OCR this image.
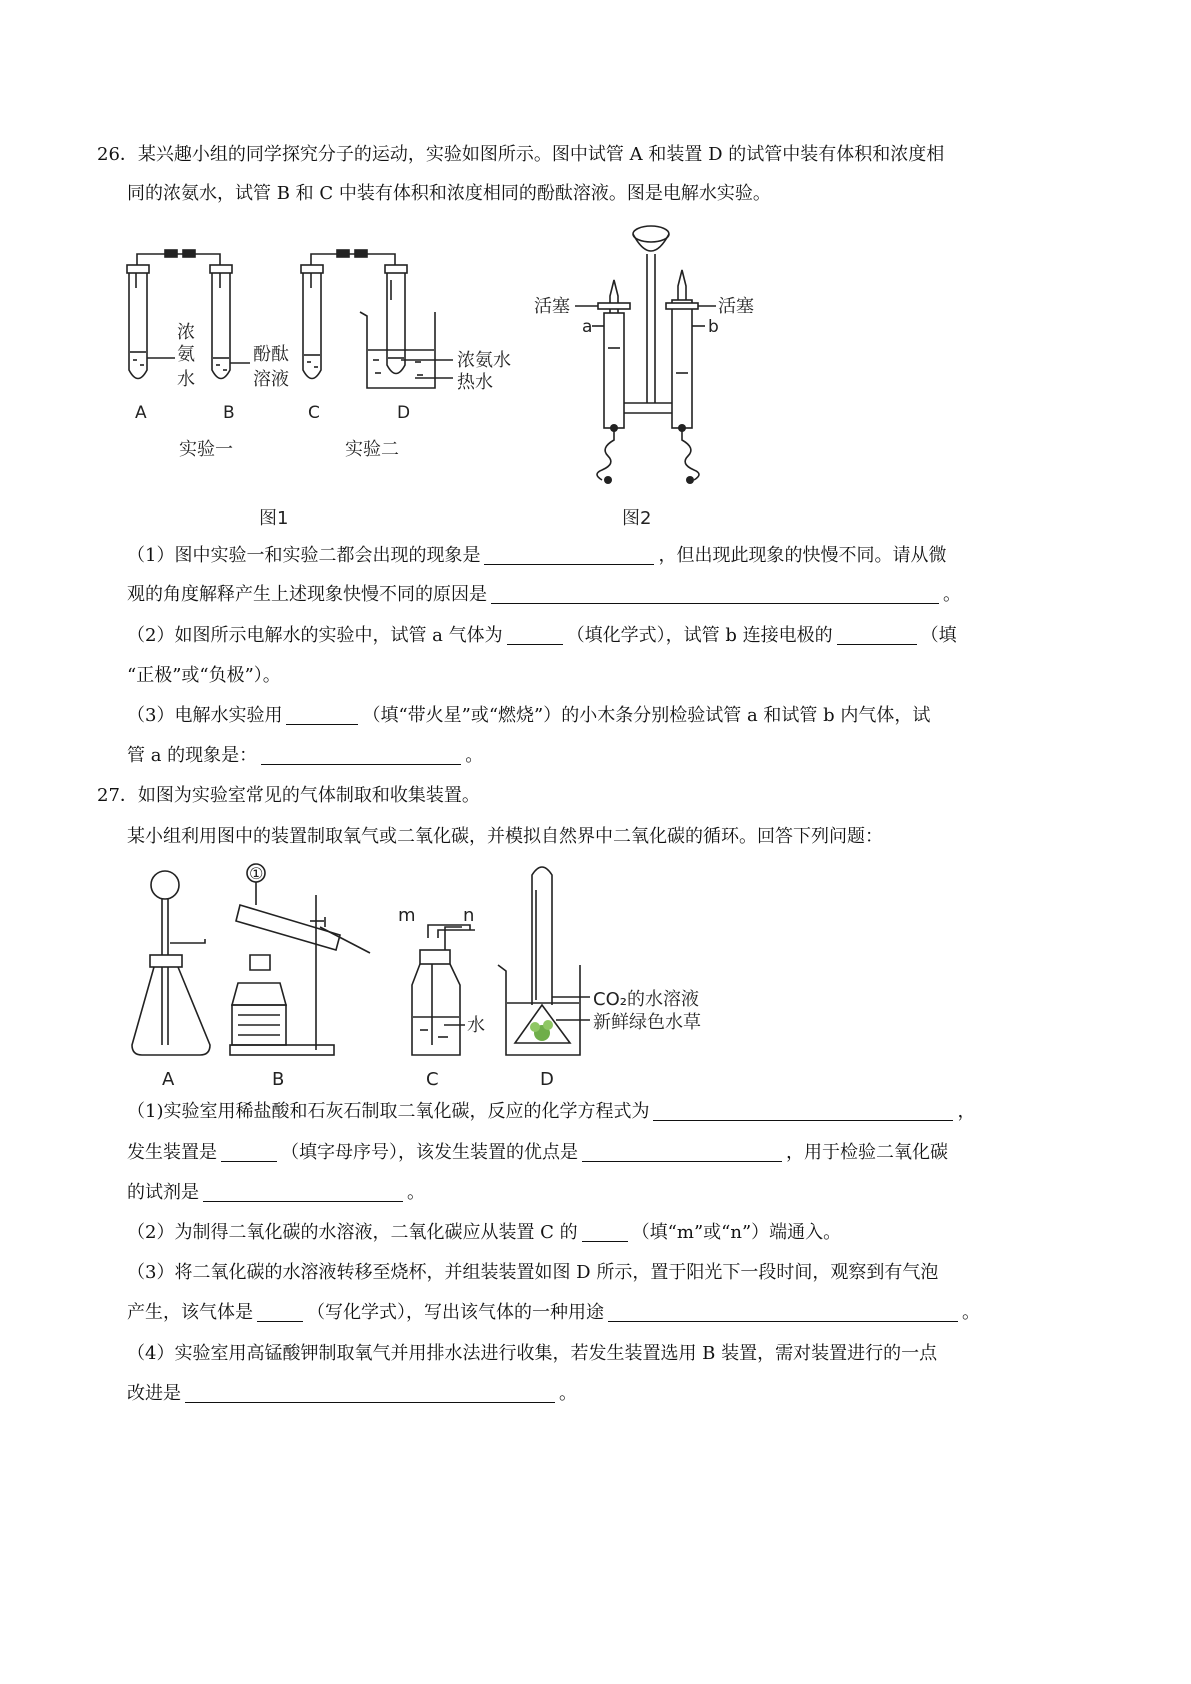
26．某兴趣小组的同学探究分子的运动，实验如图所示。图中试管 A 和装置 D 的试管中装有体积和浓度相
同的浓氨水，试管 B 和 C 中装有体积和浓度相同的酚酞溶液。图是电解水实验。
浓
氨
水
酚酞
溶液
浓氨水
热水
A	B	C	D
实验一	实验二
图1
活塞	活塞
a	b
图2
（1）图中实验一和实验二都会出现的现象是	，但出现此现象的快慢不同。请从微
观的角度解释产生上述现象快慢不同的原因是	。
（2）如图所示电解水的实验中，试管 a 气体为	（填化学式），试管 b 连接电极的	（填
“正极”或“负极”）。
（3）电解水实验用	（填“带火星”或“燃烧”）的小木条分别检验试管 a 和试管 b 内气体，试
管 a 的现象是：	。
27．如图为实验室常见的气体制取和收集装置。
某小组利用图中的装置制取氧气或二氧化碳，并模拟自然界中二氧化碳的循环。回答下列问题：
①
m	n
水
CO₂的水溶液
新鲜绿色水草
A	B	C	D
（1)实验室用稀盐酸和石灰石制取二氧化碳，反应的化学方程式为	，
发生装置是	（填字母序号），该发生装置的优点是	，用于检验二氧化碳
的试剂是	。
（2）为制得二氧化碳的水溶液，二氧化碳应从装置 C 的	（填“m”或“n”）端通入。
（3）将二氧化碳的水溶液转移至烧杯，并组装装置如图 D 所示，置于阳光下一段时间，观察到有气泡
产生，该气体是	（写化学式），写出该气体的一种用途	。
（4）实验室用高锰酸钾制取氧气并用排水法进行收集，若发生装置选用 B 装置，需对装置进行的一点
改进是	。
